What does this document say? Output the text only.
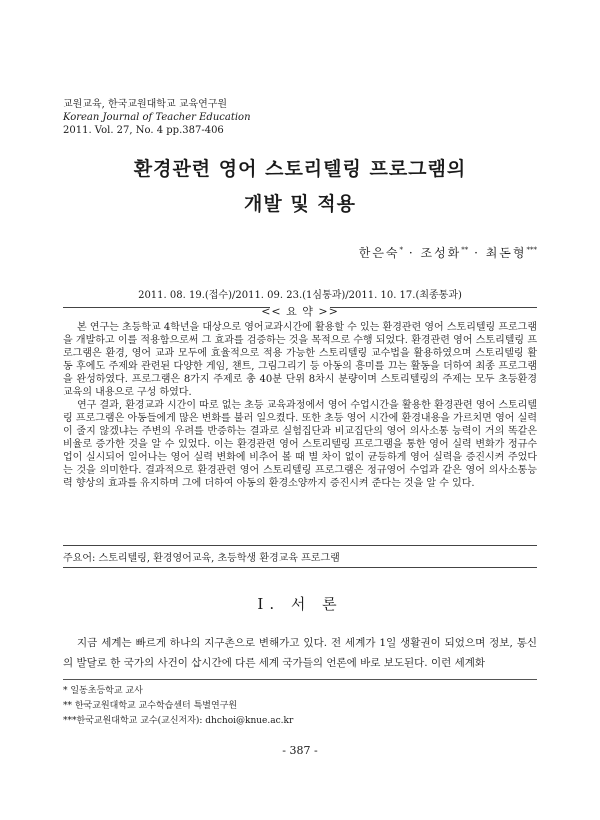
교원교육, 한국교원대학교 교육연구원
Korean Journal of Teacher Education
2011. Vol. 27, No. 4 pp.387-406
환경관련 영어 스토리텔링 프로그램의
개발 및 적용
한은숙* · 조성화** · 최돈형***
2011. 08. 19.(접수)/2011. 09. 23.(1심통과)/2011. 10. 17.(최종통과)
<< 요 약 >>

본 연구는 초등학교 4학년을 대상으로 영어교과시간에 활용할 수 있는 환경관련 영어 스토리텔링 프로그램을 개발하고 이를 적용함으로써 그 효과를 검증하는 것을 목적으로 수행 되었다. 환경관련 영어 스토리텔링 프로그램은 환경, 영어 교과 모두에 효율적으로 적용 가능한 스토리텔링 교수법을 활용하였으며 스토리텔링 활동 후에도 주제와 관련된 다양한 게임, 챈트, 그림그리기 등 아동의 흥미를 끄는 활동을 더하여 최종 프로그램을 완성하였다. 프로그램은 8가지 주제로 총 40분 단위 8차시 분량이며 스토리텔링의 주제는 모두 초등환경교육의 내용으로 구성 하였다.

연구 결과, 환경교과 시간이 따로 없는 초등 교육과정에서 영어 수업시간을 활용한 환경관련 영어 스토리텔링 프로그램은 아동들에게 많은 변화를 불러 일으켰다. 또한 초등 영어 시간에 환경내용을 가르치면 영어 실력이 줄지 않겠냐는 주변의 우려를 반증하는 결과로 실험집단과 비교집단의 영어 의사소통 능력이 거의 똑같은 비율로 증가한 것을 알 수 있었다. 이는 환경관련 영어 스토리텔링 프로그램을 통한 영어 실력 변화가 정규수업이 실시되어 일어나는 영어 실력 변화에 비추어 볼 때 별 차이 없이 균등하게 영어 실력을 증진시켜 주었다는 것을 의미한다. 결과적으로 환경관련 영어 스토리텔링 프로그램은 정규영어 수업과 같은 영어 의사소통능력 향상의 효과를 유지하며 그에 더하여 아동의 환경소양까지 증진시켜 준다는 것을 알 수 있다.

주요어: 스토리텔링, 환경영어교육, 초등학생 환경교육 프로그램
Ⅰ. 서 론

지금 세계는 빠르게 하나의 지구촌으로 변해가고 있다. 전 세계가 1일 생활권이 되었으며 정보, 통신의 발달로 한 국가의 사건이 삽시간에 다른 세계 국가들의 언론에 바로 보도된다. 이런 세계화

* 일동초등학교 교사
** 한국교원대학교 교수학습센터 특별연구원
***한국교원대학교 교수(교신저자): dhchoi@knue.ac.kr
- 387 -
